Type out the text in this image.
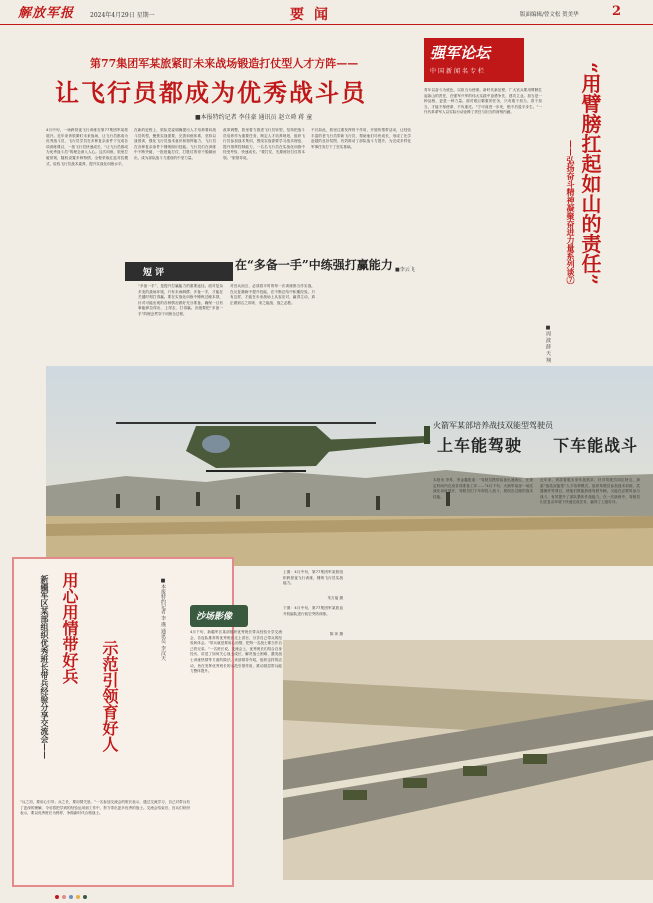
解放军报	2024年4月29日 星期一	要闻	版面编辑/曾文松 贺美华	2
第77集团军某旅紧盯未来战场锻造打仗型人才方阵——
让飞行员都成为优秀战斗员
■本报特约记者 李佳豪 通讯员 赵立舜 蒋 童
4月中旬，一场跨昼夜飞行训练在第77集团军某旅展开。近年来该旅紧盯未来战场，让飞行员都成为优秀战斗员，飞行员学员在多种复杂条件下完成各项训练课目，一批飞行员快速成长，“让飞行员都成为优秀战斗员”的理念深入人心。这次训练，旅里打破常规，随机设置多种特情，全程采取红蓝对抗模式，检验飞行员战术素养，提升实战化训练水平。
在新的征程上，旅队党委明确提出人才培养要向战斗员转型，聚焦实战需要，完善训练体系，坚持以战领训，强化飞行员战术意识和指挥能力，飞行员在各种复杂条件下锤炼胆识技能。飞行员们在训练中不断突破，一批批能打仗、打胜仗的骨干脱颖而出，成为部队战斗力建设的中坚力量。
改革调整，旅里着力推进飞行员转型，坚持把战斗员培养作为重要任务，制定人才培养规划，组织飞行员参加战术集训，围绕实战需要学习战术理论，提升指挥控制能力，一名名飞行员在实战化训练中经受考验、快速成长。“要打仗，先要练好打仗的本领。”旅领导说。
不仅如此，旅里注重发挥骨干作用，开展传帮带活动，让经验丰富的老飞行员带新飞行员，帮助他们尽快成长，形成了比学赶超的良好氛围，有效推动了部队战斗力提升，为完成多样化军事任务打下了坚实基础。
短 评
在“多备一手”中练强打赢能力 ■李云飞
“多备一手”，是提升打赢能力的重要途径。面对复杂多变的战场环境，只有未雨绸缪、多备一手，才能在关键时刻打得赢。要在实战化训练中锤炼过硬本领，针对可能出现的各种情况做好充分准备，确保一旦有事能够拉得出、上得去、打得赢。各级要把“多备一手”的理念贯穿于训练全过程。
对官兵而言，必须将平时的每一次训练都当作实战，在反复磨砺中提升技能，在不断总结中积累经验。只有这样，才能在未来战场上从容应对，赢得主动，真正做到召之即来、来之能战、战之必胜。
强军论坛
中国新闻名专栏	“用臂膀扛起如山的责任”
——弘扬奋斗精神凝聚奋进力量系列谈⑦
■周 波 薛 天 翔
青年以奋斗为底色，以担当为使命。新时代新征程，广大官兵要用臂膀扛起如山的责任，在强军兴军的伟大实践中奋勇争先、建功立业。担当是一种品格，更是一种力量。面对艰巨繁重的任务，只有敢于担当、善于担当，才能不辱使命、不负重托。“宁可前进一步死，绝不后退半步生。”一代代革命军人以实际行动诠释了责任与担当的深刻内涵。
上图：4月中旬，第77集团军某旅组织跨昼夜飞行训练，锤炼飞行员实战能力。
朱万福 摄
下图：4月中旬，第77集团军某旅直升机编队进行低空突防训练。
陈 冲 摄
火箭军某部培养战技双能型驾驶员
上车能驾驶 下车能战斗
本报讯 李易、李金鑫报道：“驾驶员携带装备迅速就位，在规定时间内完成各项准备工作……”4月下旬，火箭军某部一场实战化训练展开，驾驶员们下车即投入战斗，展现出过硬的战术技能。
近年来，该部着眼未来作战需求，针对驾驶员岗位特点，探索“战技双能型”人才培养模式，组织驾驶员参加战术训练、武器操作等课目，使他们既能熟练驾驶车辆，又能在必要时参与战斗，有效提升了部队整体作战能力。在一次演练中，驾驶员们在复杂环境下快速完成任务，赢得了上级好评。
新疆军区某部组织优秀班长带兵经验分享交流会—— 用心用情带好兵
示范引领育好人
■本报特约记者 李 璞 通讯员 李汉天	沙场影像
4月下旬，新疆军区某部组织优秀班长带兵经验分享交流会，各连队推荐的优秀班长走上讲台，分享自己带兵的经验和体会。“带兵就是要用心用情，把每一名战士都当作自己的兄弟。”一名班长说。交流会上，优秀班长们结合自身经历，讲述了如何关心战士成长、解决战士困难、激发战士训练热情等方面的做法。该部领导介绍，组织这样的活动，旨在发挥优秀班长的示范引领作用，推动基层带兵能力整体提升。
“兵之初，要用心引导；兵之长，要用情关爱。”一名参加交流会的班长表示，通过交流学习，自己对带兵有了更深的理解，今后将把学到的经验运用到工作中，努力带出更多优秀的战士。交流会结束后，官兵们纷纷表示，要以优秀班长为榜样，争做新时代合格战士。
